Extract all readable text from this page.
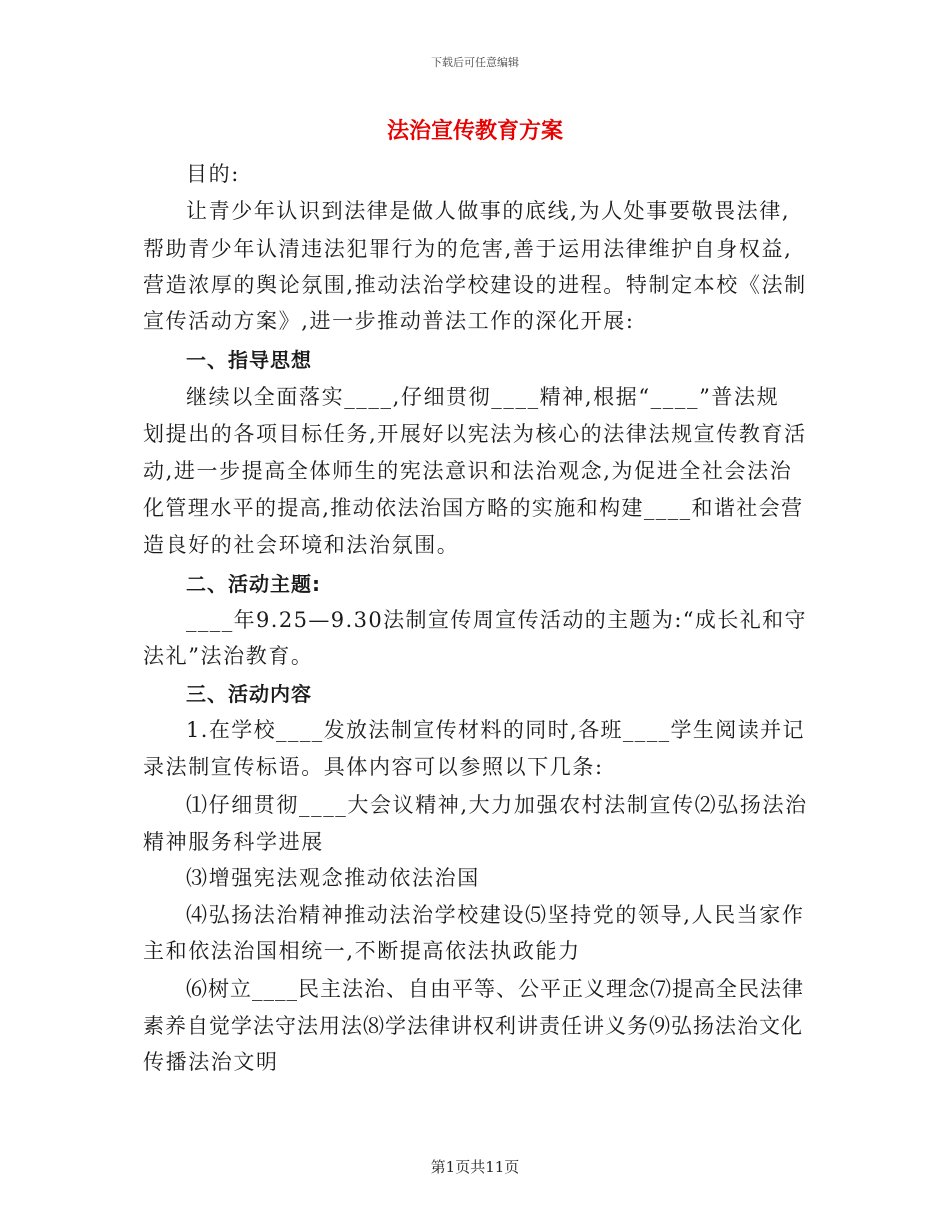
下载后可任意编辑
法治宣传教育方案
目的:
让青少年认识到法律是做人做事的底线,为人处事要敬畏法律,
帮助青少年认清违法犯罪行为的危害,善于运用法律维护自身权益,
营造浓厚的舆论氛围,推动法治学校建设的进程。特制定本校《法制
宣传活动方案》,进一步推动普法工作的深化开展:
一、指导思想
继续以全面落实____,仔细贯彻____精神,根据“____”普法规
划提出的各项目标任务,开展好以宪法为核心的法律法规宣传教育活
动,进一步提高全体师生的宪法意识和法治观念,为促进全社会法治
化管理水平的提高,推动依法治国方略的实施和构建____和谐社会营
造良好的社会环境和法治氛围。
二、活动主题:
____年9.25—9.30法制宣传周宣传活动的主题为:“成长礼和守
法礼”法治教育。
三、活动内容
1.在学校____发放法制宣传材料的同时,各班____学生阅读并记
录法制宣传标语。具体内容可以参照以下几条:
⑴仔细贯彻____大会议精神,大力加强农村法制宣传⑵弘扬法治
精神服务科学进展
⑶增强宪法观念推动依法治国
⑷弘扬法治精神推动法治学校建设⑸坚持党的领导,人民当家作
主和依法治国相统一,不断提高依法执政能力
⑹树立____民主法治、自由平等、公平正义理念⑺提高全民法律
素养自觉学法守法用法⑻学法律讲权利讲责任讲义务⑼弘扬法治文化
传播法治文明
第1页共11页
